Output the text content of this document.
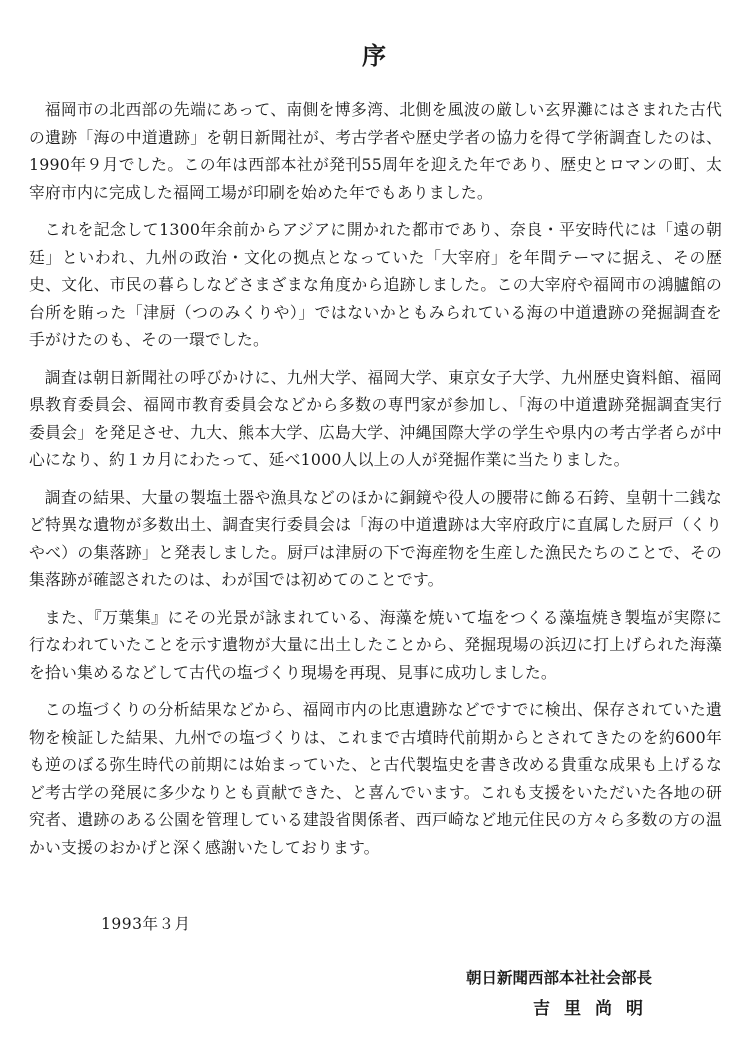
序

福岡市の北西部の先端にあって、南側を博多湾、北側を風波の厳しい玄界灘にはさまれた古代の遺跡「海の中道遺跡」を朝日新聞社が、考古学者や歴史学者の協力を得て学術調査したのは、1990年９月でした。この年は西部本社が発刊55周年を迎えた年であり、歴史とロマンの町、太宰府市内に完成した福岡工場が印刷を始めた年でもありました。

これを記念して1300年余前からアジアに開かれた都市であり、奈良・平安時代には「遠の朝廷」といわれ、九州の政治・文化の拠点となっていた「大宰府」を年間テーマに据え、その歴史、文化、市民の暮らしなどさまざまな角度から追跡しました。この大宰府や福岡市の鴻臚館の台所を賄った「津厨（つのみくりや）」ではないかともみられている海の中道遺跡の発掘調査を手がけたのも、その一環でした。

調査は朝日新聞社の呼びかけに、九州大学、福岡大学、東京女子大学、九州歴史資料館、福岡県教育委員会、福岡市教育委員会などから多数の専門家が参加し、「海の中道遺跡発掘調査実行委員会」を発足させ、九大、熊本大学、広島大学、沖縄国際大学の学生や県内の考古学者らが中心になり、約１カ月にわたって、延べ1000人以上の人が発掘作業に当たりました。

調査の結果、大量の製塩土器や漁具などのほかに銅鏡や役人の腰帯に飾る石銙、皇朝十二銭など特異な遺物が多数出土、調査実行委員会は「海の中道遺跡は大宰府政庁に直属した厨戸（くりやべ）の集落跡」と発表しました。厨戸は津厨の下で海産物を生産した漁民たちのことで、その集落跡が確認されたのは、わが国では初めてのことです。

また、『万葉集』にその光景が詠まれている、海藻を焼いて塩をつくる藻塩焼き製塩が実際に行なわれていたことを示す遺物が大量に出土したことから、発掘現場の浜辺に打上げられた海藻を拾い集めるなどして古代の塩づくり現場を再現、見事に成功しました。

この塩づくりの分析結果などから、福岡市内の比恵遺跡などですでに検出、保存されていた遺物を検証した結果、九州での塩づくりは、これまで古墳時代前期からとされてきたのを約600年も逆のぼる弥生時代の前期には始まっていた、と古代製塩史を書き改める貴重な成果も上げるなど考古学の発展に多少なりとも貢献できた、と喜んでいます。これも支援をいただいた各地の研究者、遺跡のある公園を管理している建設省関係者、西戸崎など地元住民の方々ら多数の方の温かい支援のおかげと深く感謝いたしております。

1993年３月
朝日新聞西部本社社会部長
吉里尚明
